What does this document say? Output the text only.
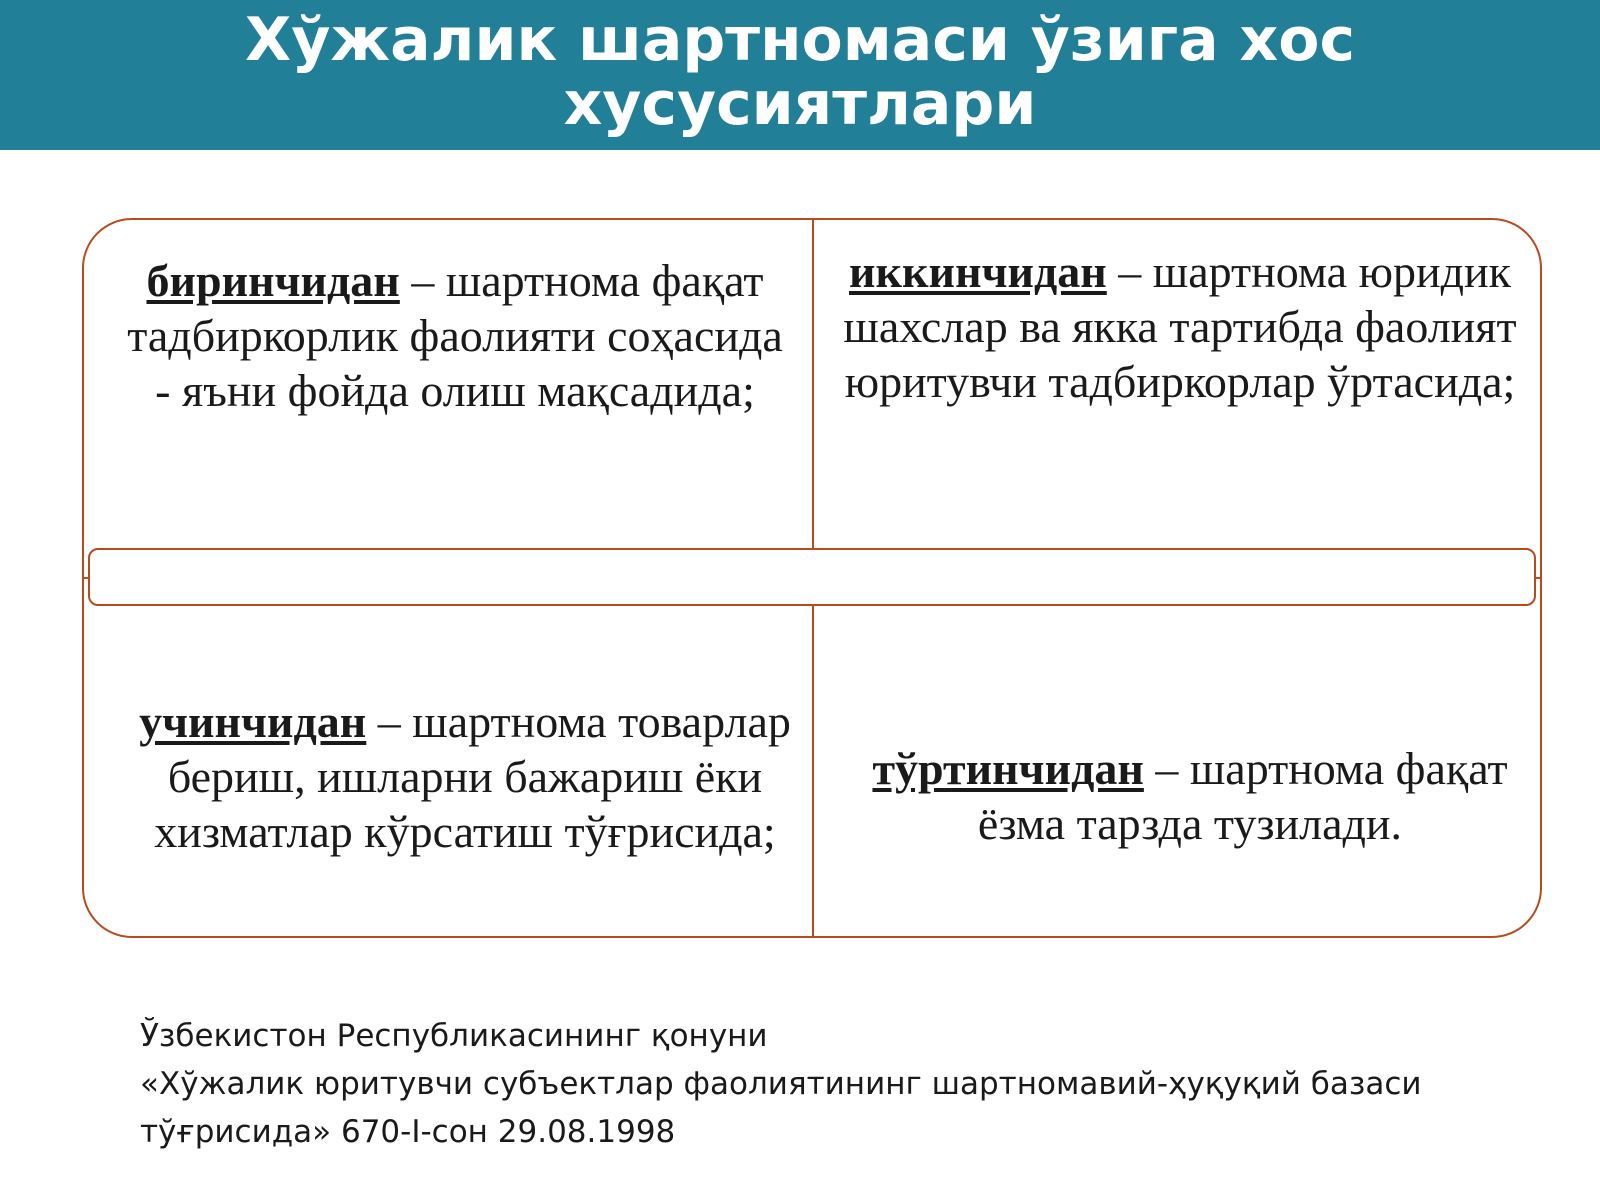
Хўжалик шартномаси ўзига хос хусусиятлари
биринчидан – шартнома фақат тадбиркорлик фаолияти соҳасида - яъни фойда олиш мақсадида;
иккинчидан – шартнома юридик шахслар ва якка тартибда фаолият юритувчи тадбиркорлар ўртасида;
учинчидан – шартнома товарлар бериш, ишларни бажариш ёки хизматлар кўрсатиш тўғрисида;
тўртинчидан – шартнома фақат ёзма тарзда тузилади.
Ўзбекистон Республикасининг қонуни
«Хўжалик юритувчи субъектлар фаолиятининг шартномавий-ҳуқуқий базаси
тўғрисида» 670-I-сон 29.08.1998
